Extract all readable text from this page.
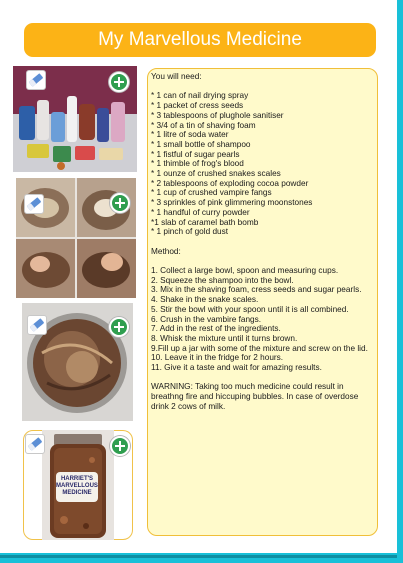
My Marvellous Medicine
HARRIET'S
MARVELLOUS
MEDICINE

You will need:

* 1 can of nail drying spray

* 1 packet of cress seeds

* 3 tablespoons of plughole sanitiser

* 3/4 of a tin of shaving foam

* 1 litre of soda water

* 1 small bottle of shampoo

* 1 fistful of sugar pearls

* 1 thimble of frog's blood

* 1 ounze of crushed snakes scales

* 2 tablespoons of exploding cocoa powder

* 1 cup of crushed vampire fangs

* 3 sprinkles of pink glimmering moonstones

* 1 handful of curry powder

*1 slab of caramel bath bomb

* 1 pinch of gold dust

Method:

1. Collect a large bowl, spoon and measuring cups.

2. Squeeze the shampoo into the bowl.

3. Mix in the shaving foam, cress seeds and sugar pearls.

4. Shake in the snake scales.

5. Stir the bowl with your spoon until it is all combined.

6. Crush in the vambire fangs.

7. Add in the rest of the ingredients.

8. Whisk the mixture until it turns brown.

9.Fill up a jar with some of the mixture and screw on the lid.

10. Leave it in the fridge for 2 hours.

11. Give it a taste and wait for amazing results.

WARNING: Taking too much medicine could result in breathng fire and hiccuping bubbles. In case of overdose drink 2 cows of milk.
